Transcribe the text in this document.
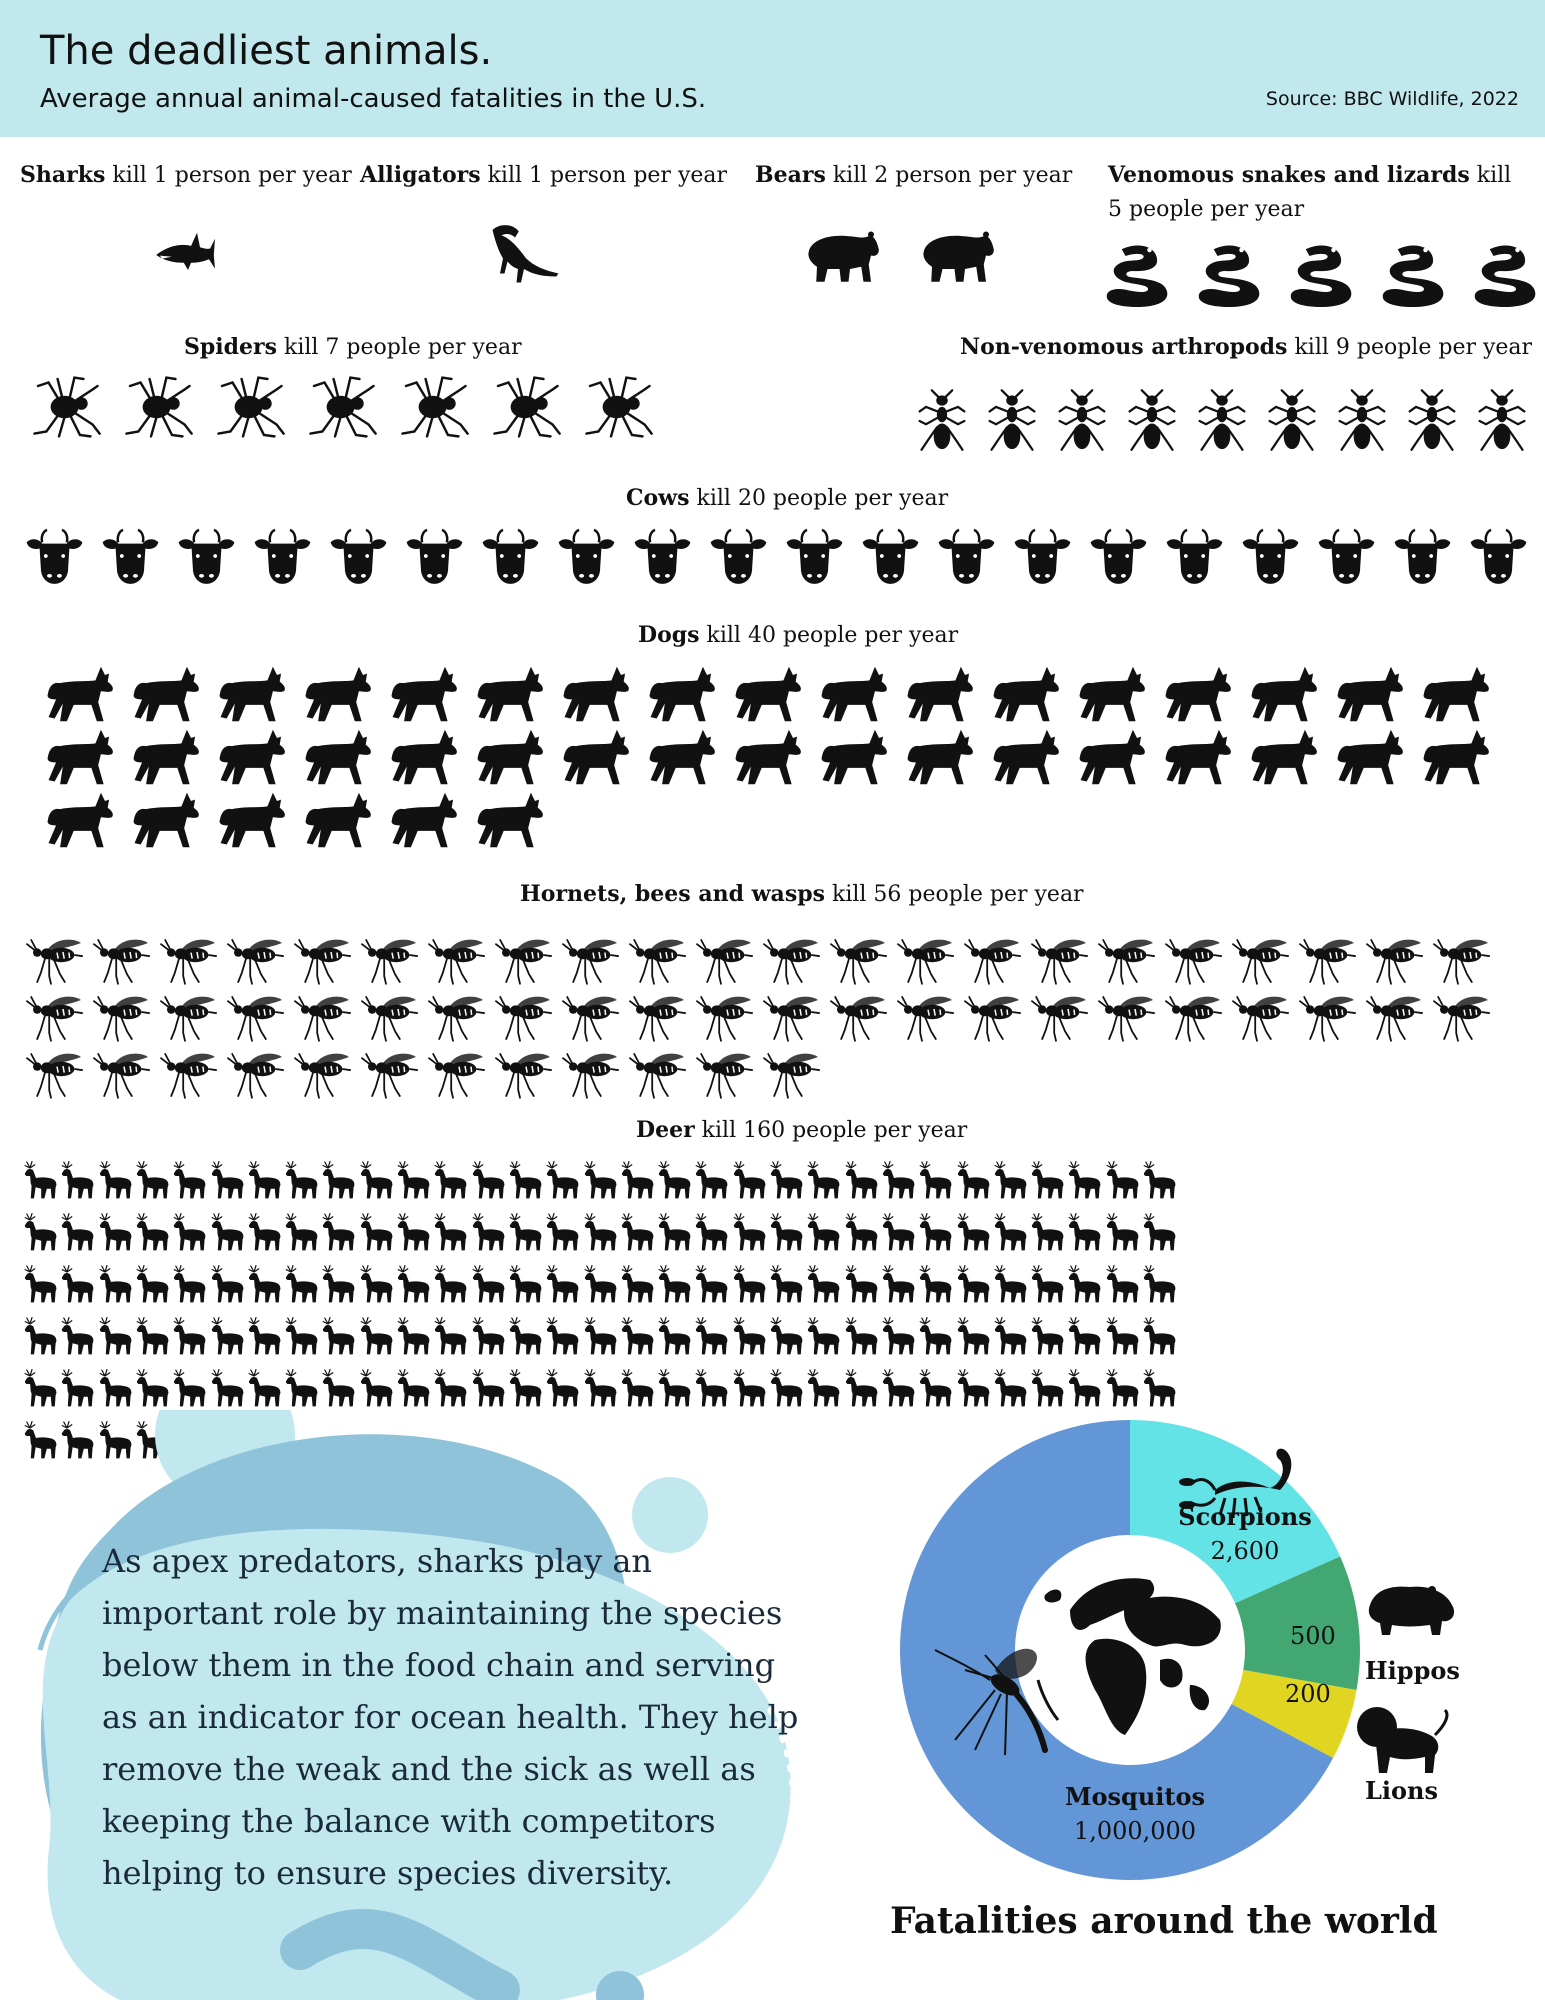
The deadliest animals.
Average annual animal-caused fatalities in the U.S.	Source: BBC Wildlife, 2022
Sharks kill 1 person per year Alligators kill 1 person per year Bears kill 2 person per year Venomous snakes and lizards kill 5 people per year
Spiders kill 7 people per year	Non-venomous arthropods kill 9 people per year
Cows kill 20 people per year
Dogs kill 40 people per year
Hornets, bees and wasps kill 56 people per year
Deer kill 160 people per year
As apex predators, sharks play an important role by maintaining the species below them in the food chain and serving as an indicator for ocean health. They help remove the weak and the sick as well as keeping the balance with competitors helping to ensure species diversity.
Scorpions
2,600
500
Hippos
200
Lions
Mosquitos
1,000,000
Fatalities around the world
